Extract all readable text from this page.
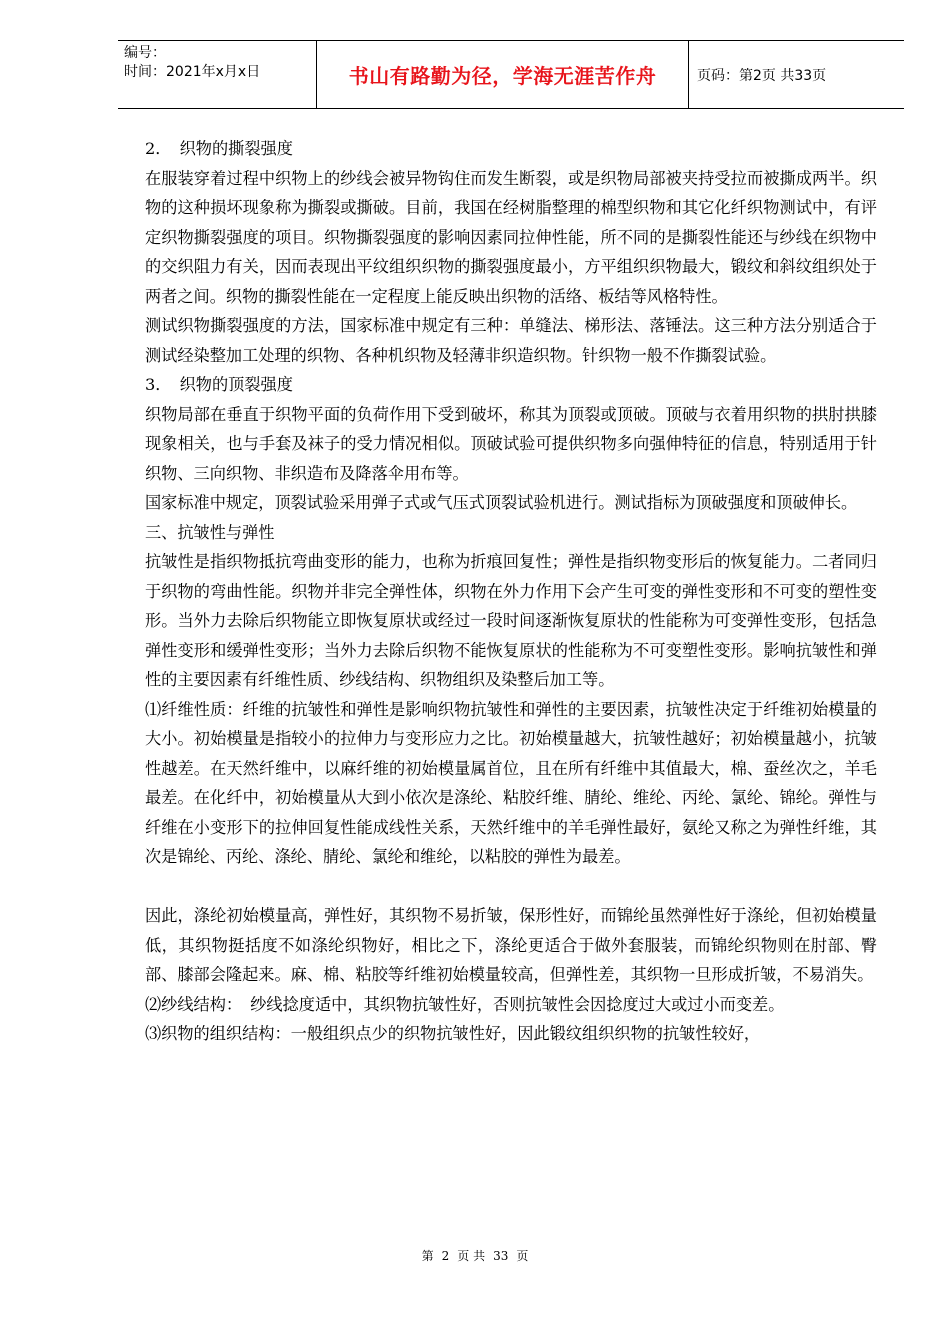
编号：
时间：2021年x月x日	书山有路勤为径，学海无涯苦作舟	页码：第2页 共33页

2．　织物的撕裂强度

在服装穿着过程中织物上的纱线会被异物钩住而发生断裂，或是织物局部被夹持受拉而被撕成两半。织物的这种损坏现象称为撕裂或撕破。目前，我国在经树脂整理的棉型织物和其它化纤织物测试中，有评定织物撕裂强度的项目。织物撕裂强度的影响因素同拉伸性能，所不同的是撕裂性能还与纱线在织物中的交织阻力有关，因而表现出平纹组织织物的撕裂强度最小，方平组织织物最大，锻纹和斜纹组织处于两者之间。织物的撕裂性能在一定程度上能反映出织物的活络、板结等风格特性。

测试织物撕裂强度的方法，国家标准中规定有三种：单缝法、梯形法、落锤法。这三种方法分别适合于测试经染整加工处理的织物、各种机织物及轻薄非织造织物。针织物一般不作撕裂试验。

3．　织物的顶裂强度

织物局部在垂直于织物平面的负荷作用下受到破坏，称其为顶裂或顶破。顶破与衣着用织物的拱肘拱膝现象相关，也与手套及袜子的受力情况相似。顶破试验可提供织物多向强伸特征的信息，特别适用于针织物、三向织物、非织造布及降落伞用布等。

国家标准中规定，顶裂试验采用弹子式或气压式顶裂试验机进行。测试指标为顶破强度和顶破伸长。

三、抗皱性与弹性

抗皱性是指织物抵抗弯曲变形的能力，也称为折痕回复性；弹性是指织物变形后的恢复能力。二者同归于织物的弯曲性能。织物并非完全弹性体，织物在外力作用下会产生可变的弹性变形和不可变的塑性变形。当外力去除后织物能立即恢复原状或经过一段时间逐渐恢复原状的性能称为可变弹性变形，包括急弹性变形和缓弹性变形；当外力去除后织物不能恢复原状的性能称为不可变塑性变形。影响抗皱性和弹性的主要因素有纤维性质、纱线结构、织物组织及染整后加工等。

⑴纤维性质：纤维的抗皱性和弹性是影响织物抗皱性和弹性的主要因素，抗皱性决定于纤维初始模量的大小。初始模量是指较小的拉伸力与变形应力之比。初始模量越大，抗皱性越好；初始模量越小，抗皱性越差。在天然纤维中，以麻纤维的初始模量属首位，且在所有纤维中其值最大，棉、蚕丝次之，羊毛最差。在化纤中，初始模量从大到小依次是涤纶、粘胶纤维、腈纶、维纶、丙纶、氯纶、锦纶。弹性与纤维在小变形下的拉伸回复性能成线性关系，天然纤维中的羊毛弹性最好，氨纶又称之为弹性纤维，其次是锦纶、丙纶、涤纶、腈纶、氯纶和维纶，以粘胶的弹性为最差。

因此，涤纶初始模量高，弹性好，其织物不易折皱，保形性好，而锦纶虽然弹性好于涤纶，但初始模量低，其织物挺括度不如涤纶织物好，相比之下，涤纶更适合于做外套服装，而锦纶织物则在肘部、臀部、膝部会隆起来。麻、棉、粘胶等纤维初始模量较高，但弹性差，其织物一旦形成折皱，不易消失。

⑵纱线结构：　纱线捻度适中，其织物抗皱性好，否则抗皱性会因捻度过大或过小而变差。

⑶织物的组织结构：一般组织点少的织物抗皱性好，因此锻纹组织织物的抗皱性较好，

第 2 页 共 33 页
